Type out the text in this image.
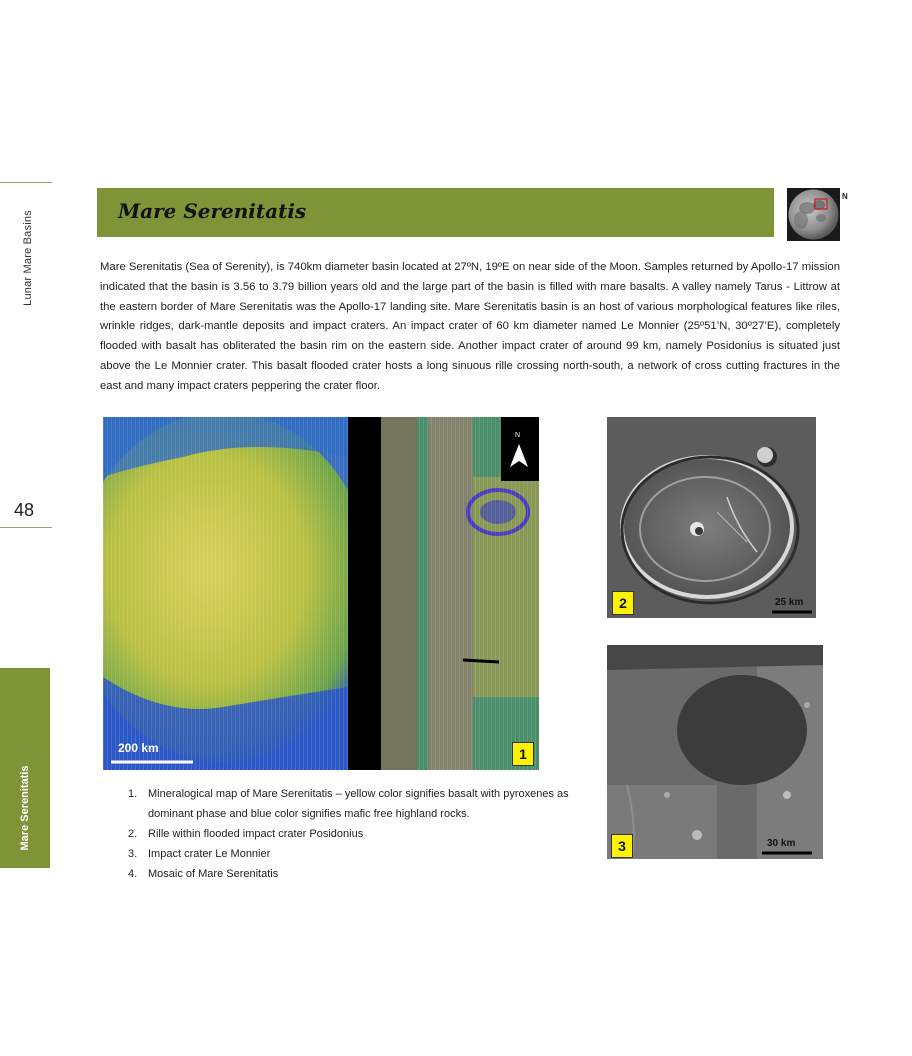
Lunar Mare Basins
48
Mare Serenitatis
Mare Serenitatis
N
Mare Serenitatis (Sea of Serenity), is 740km diameter basin located at 27ºN, 19ºE on near side of the Moon. Samples returned by Apollo-17 mission indicated that the basin is 3.56 to 3.79 billion years old and the large part of the basin is filled with mare basalts. A valley namely Tarus - Littrow at the eastern border of Mare Serenitatis was the Apollo-17 landing site. Mare Serenitatis basin is an host of various morphological features like riles, wrinkle ridges, dark-mantle deposits and impact craters. An impact crater of 60 km diameter named Le Monnier (25º51’N, 30º27’E), completely flooded with basalt has obliterated the basin rim on the eastern side. Another impact crater of around 99 km, namely Posidonius is situated just above the Le Monnier crater. This basalt flooded crater hosts a long sinuous rille crossing north-south, a network of cross cutting fractures in the east and many impact craters peppering the crater floor.
N
200 km	1
2	25 km
3	30 km
1. Mineralogical map of Mare Serenitatis – yellow color signifies basalt with pyroxenes as dominant phase and blue color signifies mafic free highland rocks.
2. Rille within flooded impact crater Posidonius
3. Impact crater Le Monnier
4. Mosaic of Mare Serenitatis
